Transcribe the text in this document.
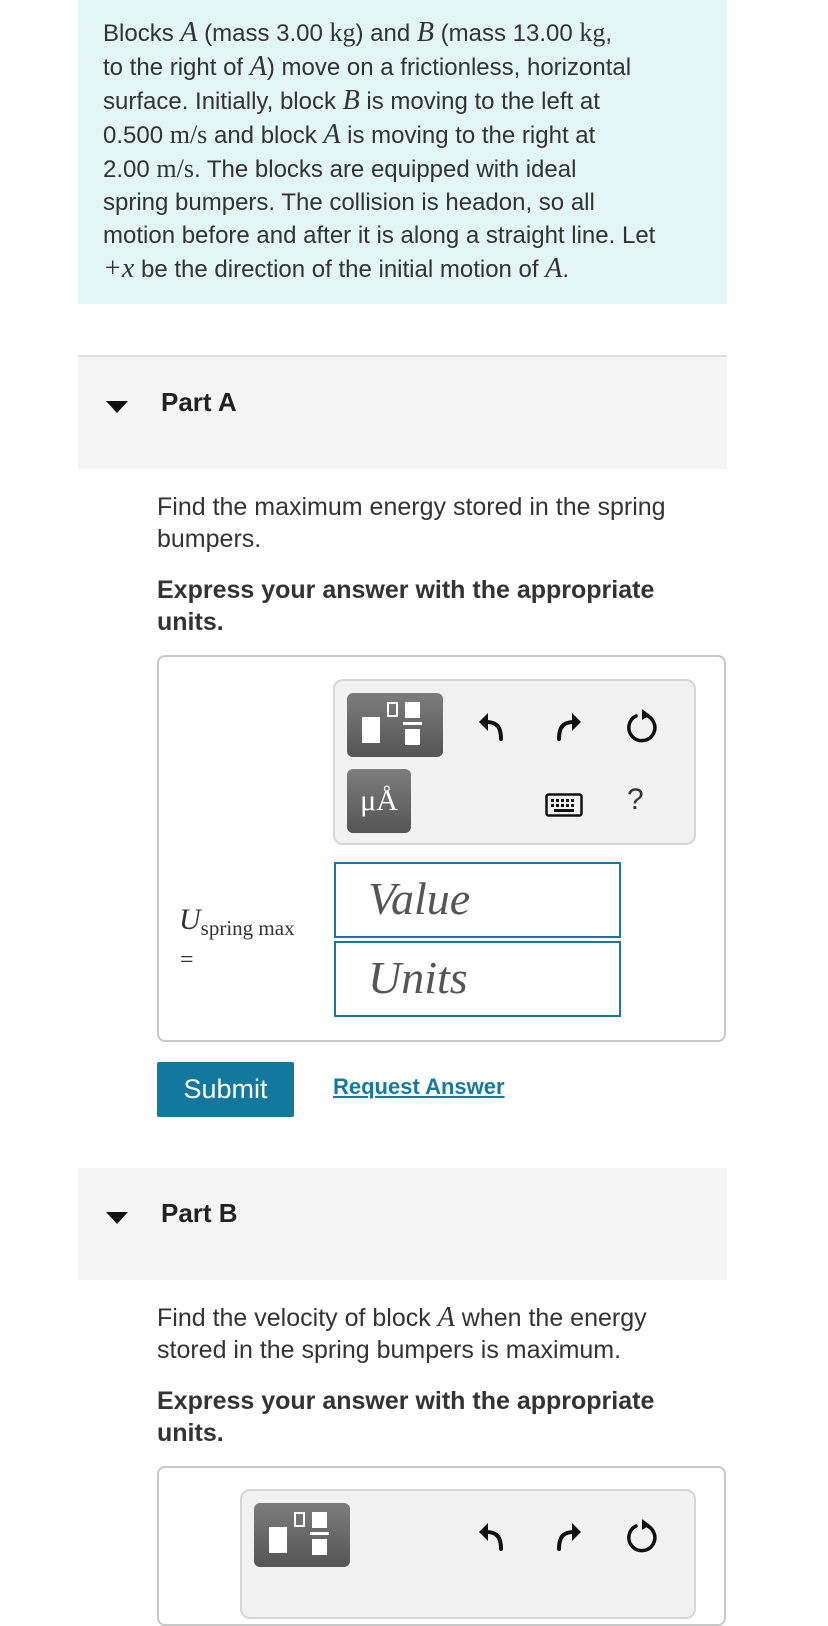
Blocks A (mass 3.00 kg) and B (mass 13.00 kg,
to the right of A) move on a frictionless, horizontal
surface. Initially, block B is moving to the left at
0.500 m/s and block A is moving to the right at
2.00 m/s. The blocks are equipped with ideal
spring bumpers. The collision is headon, so all
motion before and after it is along a straight line. Let
+x be the direction of the initial motion of A.

Part A
Find the maximum energy stored in the spring bumpers.
Express your answer with the appropriate units.
μÅ	?
$U_{spring max}$
=
Value
Units
Submit	Request Answer
Part B
Find the velocity of block A when the energy
stored in the spring bumpers is maximum.
Express your answer with the appropriate units.
